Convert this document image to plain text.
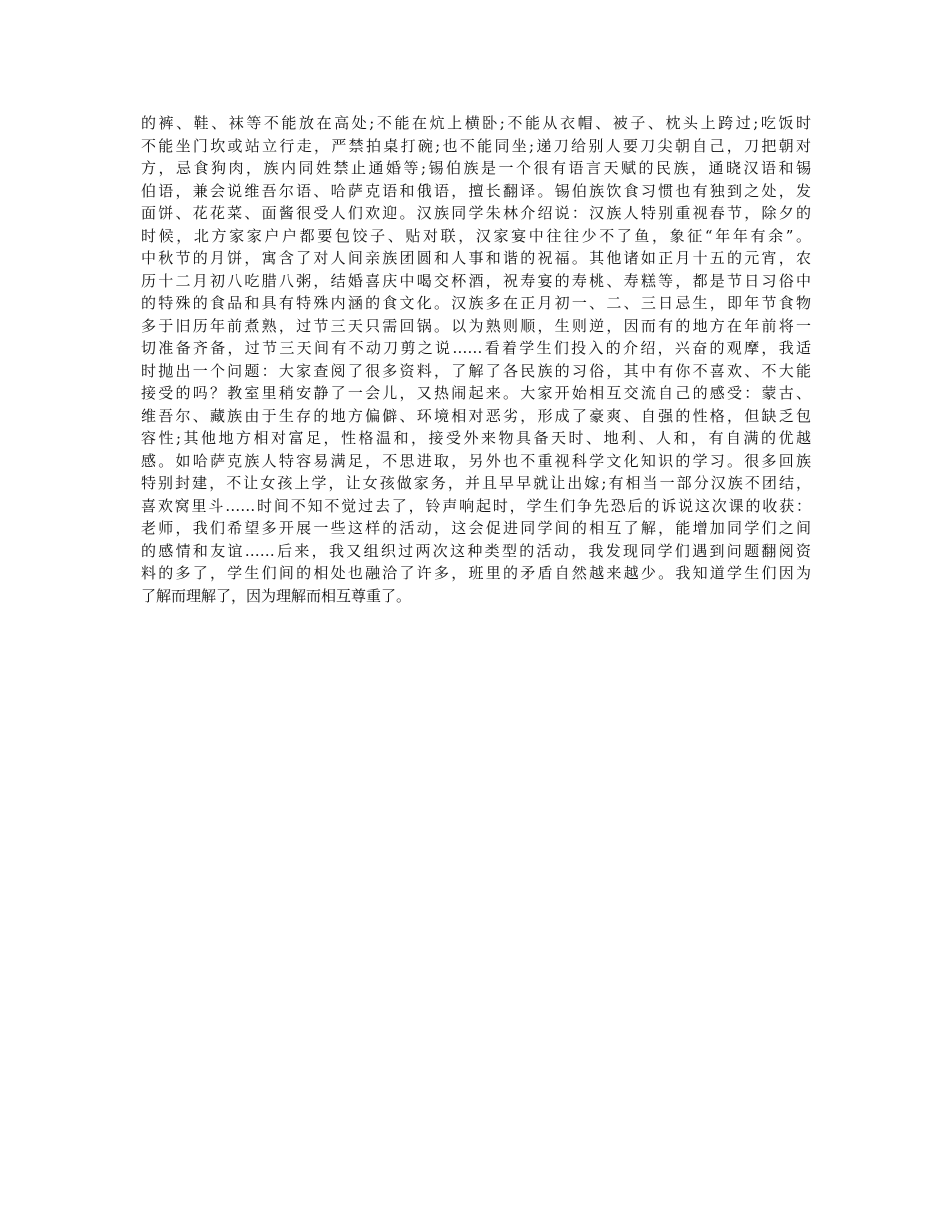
的裤、鞋、袜等不能放在高处;不能在炕上横卧;不能从衣帽、被子、枕头上跨过;吃饭时
不能坐门坎或站立行走，严禁拍桌打碗;也不能同坐;递刀给别人要刀尖朝自己，刀把朝对
方，忌食狗肉，族内同姓禁止通婚等;锡伯族是一个很有语言天赋的民族，通晓汉语和锡
伯语，兼会说维吾尔语、哈萨克语和俄语，擅长翻译。锡伯族饮食习惯也有独到之处，发
面饼、花花菜、面酱很受人们欢迎。汉族同学朱林介绍说：汉族人特别重视春节，除夕的
时候，北方家家户户都要包饺子、贴对联，汉家宴中往往少不了鱼，象征“年年有余”。
中秋节的月饼，寓含了对人间亲族团圆和人事和谐的祝福。其他诸如正月十五的元宵，农
历十二月初八吃腊八粥，结婚喜庆中喝交杯酒，祝寿宴的寿桃、寿糕等，都是节日习俗中
的特殊的食品和具有特殊内涵的食文化。汉族多在正月初一、二、三日忌生，即年节食物
多于旧历年前煮熟，过节三天只需回锅。以为熟则顺，生则逆，因而有的地方在年前将一
切准备齐备，过节三天间有不动刀剪之说……看着学生们投入的介绍，兴奋的观摩，我适
时抛出一个问题：大家查阅了很多资料，了解了各民族的习俗，其中有你不喜欢、不大能
接受的吗？教室里稍安静了一会儿，又热闹起来。大家开始相互交流自己的感受：蒙古、
维吾尔、藏族由于生存的地方偏僻、环境相对恶劣，形成了豪爽、自强的性格，但缺乏包
容性;其他地方相对富足，性格温和，接受外来物具备天时、地利、人和，有自满的优越
感。如哈萨克族人特容易满足，不思进取，另外也不重视科学文化知识的学习。很多回族
特别封建，不让女孩上学，让女孩做家务，并且早早就让出嫁;有相当一部分汉族不团结，
喜欢窝里斗……时间不知不觉过去了，铃声响起时，学生们争先恐后的诉说这次课的收获：
老师，我们希望多开展一些这样的活动，这会促进同学间的相互了解，能增加同学们之间
的感情和友谊……后来，我又组织过两次这种类型的活动，我发现同学们遇到问题翻阅资
料的多了，学生们间的相处也融洽了许多，班里的矛盾自然越来越少。我知道学生们因为
了解而理解了，因为理解而相互尊重了。
